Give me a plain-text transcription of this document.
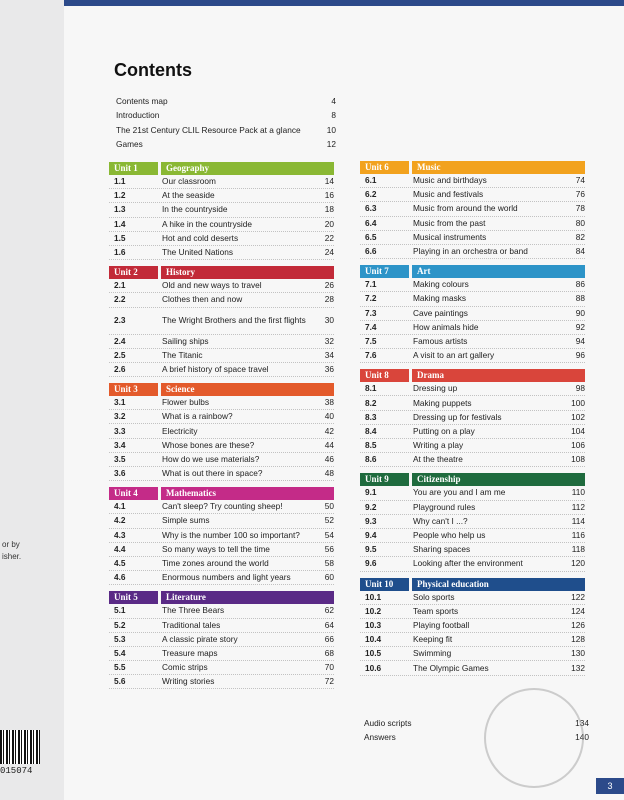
or by
isher.
015074
Contents
Contents map	4
Introduction	8
The 21st Century CLIL Resource Pack at a glance	10
Games	12
Unit 1	Geography
1.1	Our classroom	14
1.2	At the seaside	16
1.3	In the countryside	18
1.4	A hike in the countryside	20
1.5	Hot and cold deserts	22
1.6	The United Nations	24
Unit 2	History
2.1	Old and new ways to travel	26
2.2	Clothes then and now	28
2.3	The Wright Brothers and the first flights	30
2.4	Sailing ships	32
2.5	The Titanic	34
2.6	A brief history of space travel	36
Unit 3	Science
3.1	Flower bulbs	38
3.2	What is a rainbow?	40
3.3	Electricity	42
3.4	Whose bones are these?	44
3.5	How do we use materials?	46
3.6	What is out there in space?	48
Unit 4	Mathematics
4.1	Can't sleep? Try counting sheep!	50
4.2	Simple sums	52
4.3	Why is the number 100 so important?	54
4.4	So many ways to tell the time	56
4.5	Time zones around the world	58
4.6	Enormous numbers and light years	60
Unit 5	Literature
5.1	The Three Bears	62
5.2	Traditional tales	64
5.3	A classic pirate story	66
5.4	Treasure maps	68
5.5	Comic strips	70
5.6	Writing stories	72
Unit 6	Music
6.1	Music and birthdays	74
6.2	Music and festivals	76
6.3	Music from around the world	78
6.4	Music from the past	80
6.5	Musical instruments	82
6.6	Playing in an orchestra or band	84
Unit 7	Art
7.1	Making colours	86
7.2	Making masks	88
7.3	Cave paintings	90
7.4	How animals hide	92
7.5	Famous artists	94
7.6	A visit to an art gallery	96
Unit 8	Drama
8.1	Dressing up	98
8.2	Making puppets	100
8.3	Dressing up for festivals	102
8.4	Putting on a play	104
8.5	Writing a play	106
8.6	At the theatre	108
Unit 9	Citizenship
9.1	You are you and I am me	110
9.2	Playground rules	112
9.3	Why can't I ...?	114
9.4	People who help us	116
9.5	Sharing spaces	118
9.6	Looking after the environment	120
Unit 10	Physical education
10.1	Solo sports	122
10.2	Team sports	124
10.3	Playing football	126
10.4	Keeping fit	128
10.5	Swimming	130
10.6	The Olympic Games	132
Audio scripts	134
Answers	140
3
